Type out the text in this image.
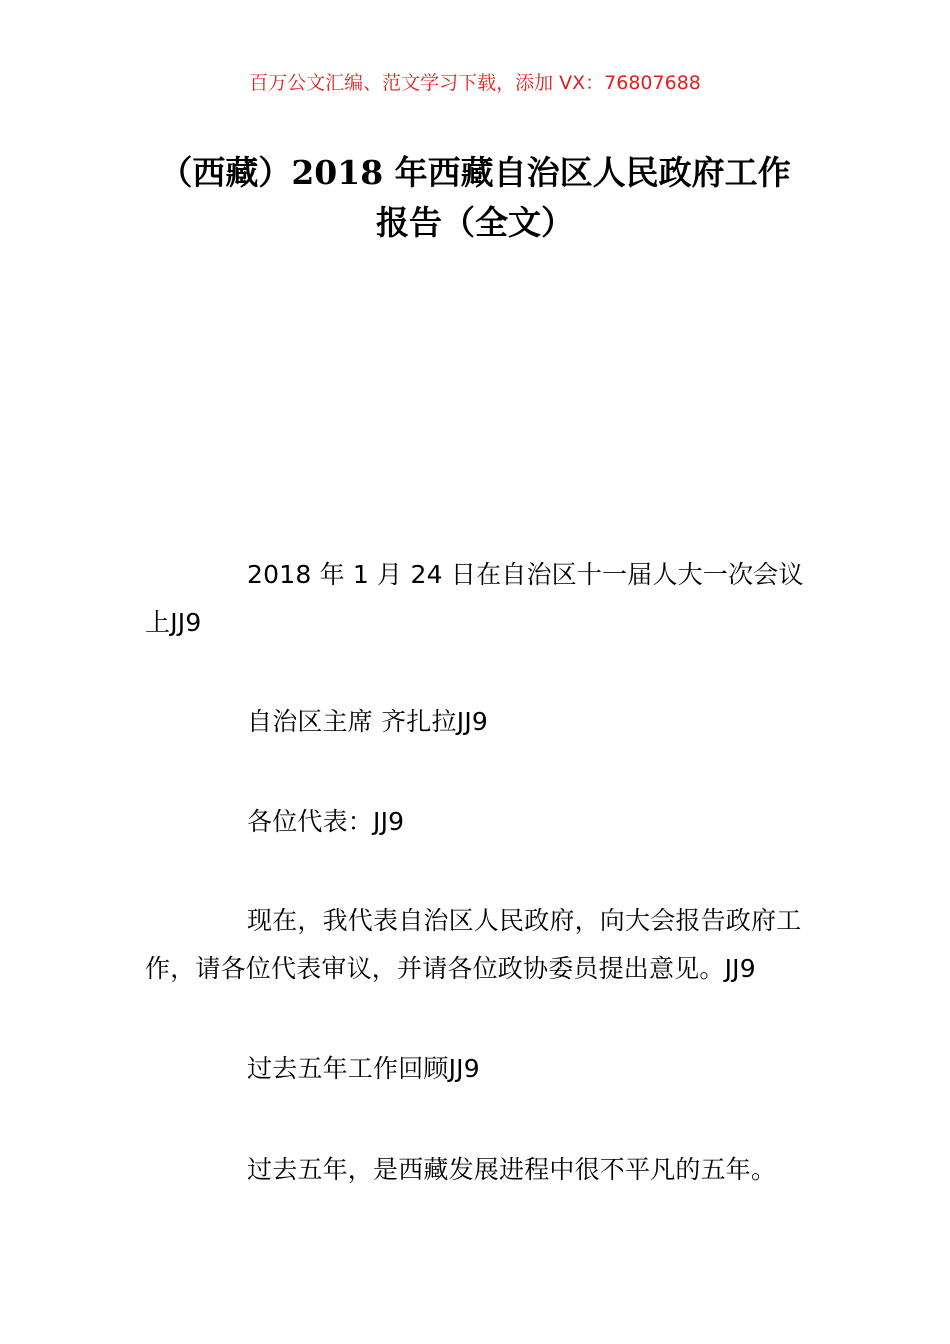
百万公文汇编、范文学习下载，添加 VX：76807688
（西藏）2018 年西藏自治区人民政府工作
报告（全文）
2018 年 1 月 24 日在自治区十一届人大一次会议上JJ9
自治区主席 齐扎拉JJ9
各位代表：JJ9
现在，我代表自治区人民政府，向大会报告政府工作，请各位代表审议，并请各位政协委员提出意见。JJ9
过去五年工作回顾JJ9
过去五年，是西藏发展进程中很不平凡的五年。
